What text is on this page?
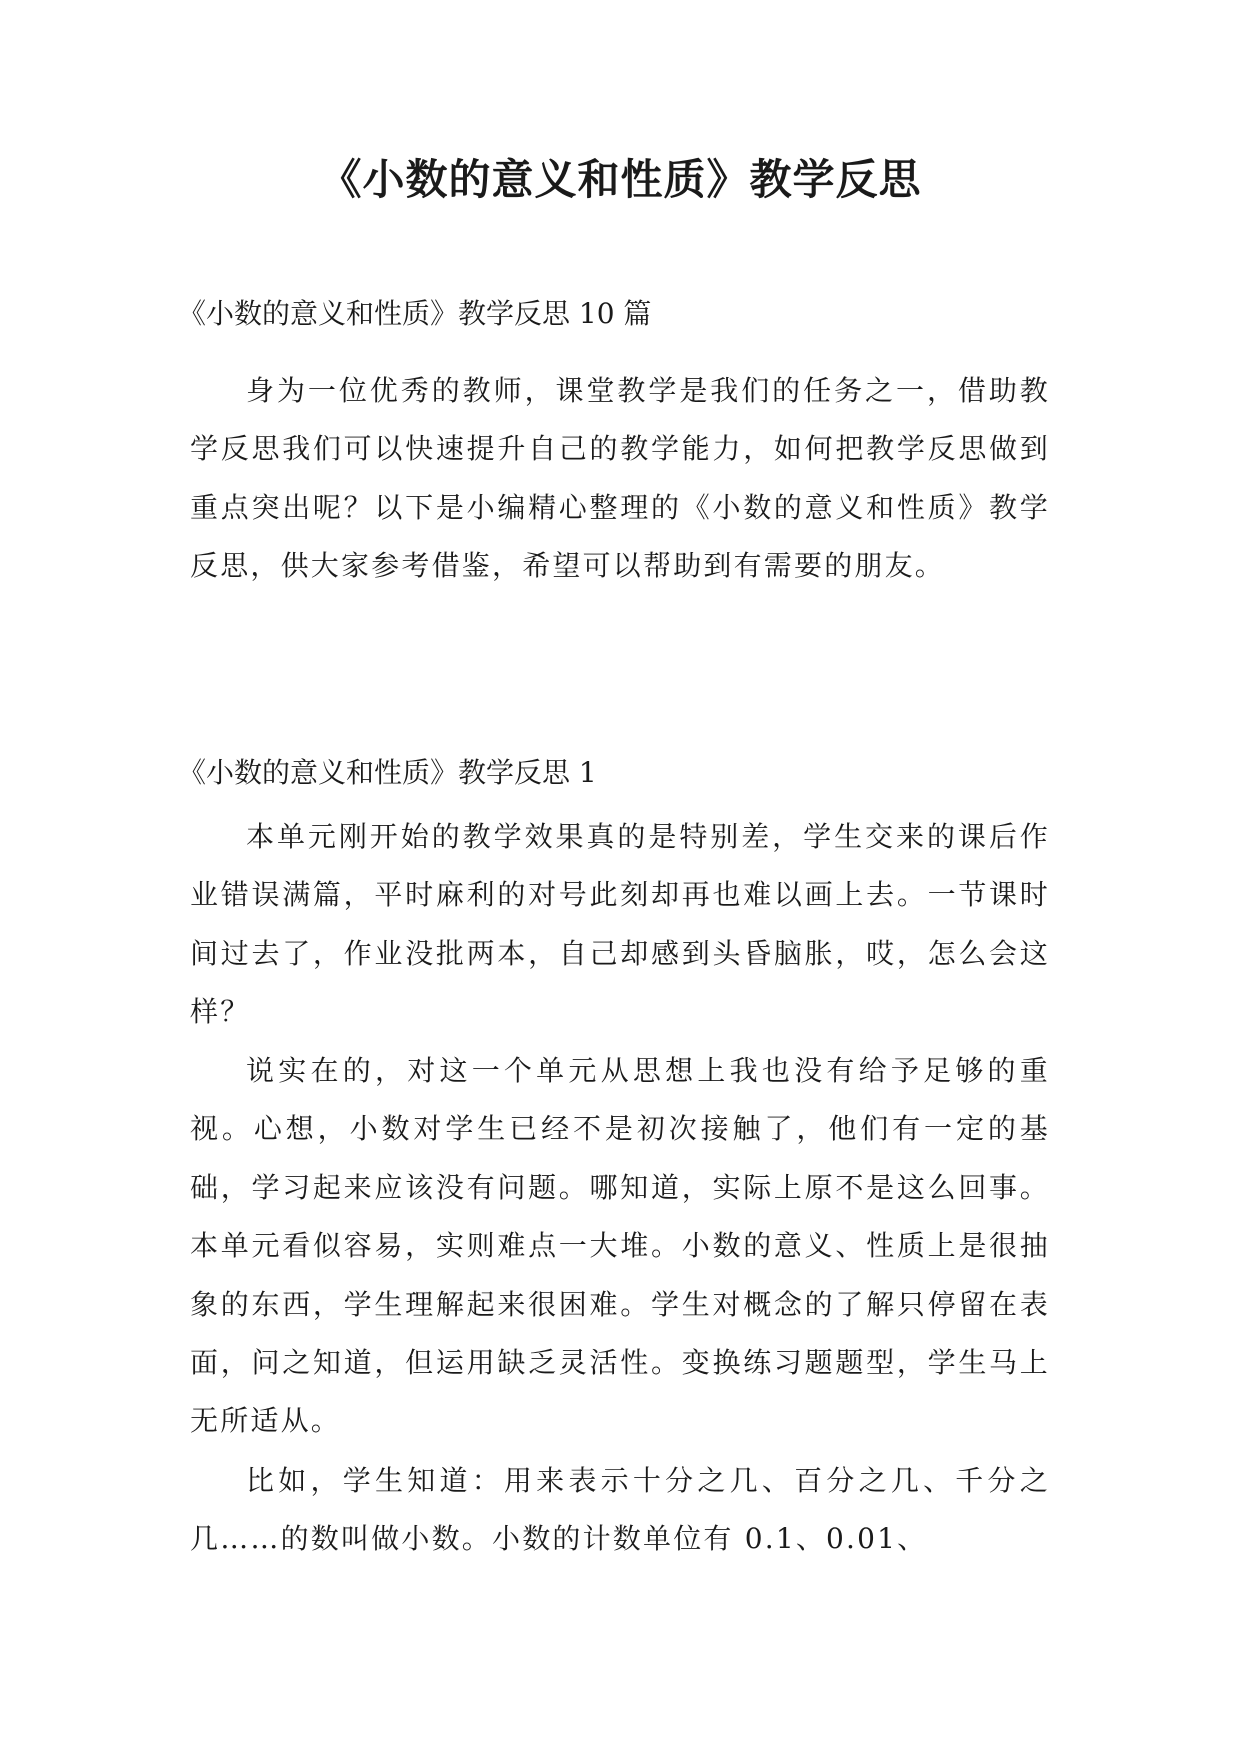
《小数的意义和性质》教学反思

《小数的意义和性质》教学反思 10 篇

身为一位优秀的教师，课堂教学是我们的任务之一，借助教学反思我们可以快速提升自己的教学能力，如何把教学反思做到重点突出呢？以下是小编精心整理的《小数的意义和性质》教学反思，供大家参考借鉴，希望可以帮助到有需要的朋友。

《小数的意义和性质》教学反思 1

本单元刚开始的教学效果真的是特别差，学生交来的课后作业错误满篇，平时麻利的对号此刻却再也难以画上去。一节课时间过去了，作业没批两本，自己却感到头昏脑胀，哎，怎么会这样？

说实在的，对这一个单元从思想上我也没有给予足够的重视。心想，小数对学生已经不是初次接触了，他们有一定的基础，学习起来应该没有问题。哪知道，实际上原不是这么回事。本单元看似容易，实则难点一大堆。小数的意义、性质上是很抽象的东西，学生理解起来很困难。学生对概念的了解只停留在表面，问之知道，但运用缺乏灵活性。变换练习题题型，学生马上无所适从。

比如，学生知道：用来表示十分之几、百分之几、千分之几……的数叫做小数。小数的计数单位有 0.1、0.01、
